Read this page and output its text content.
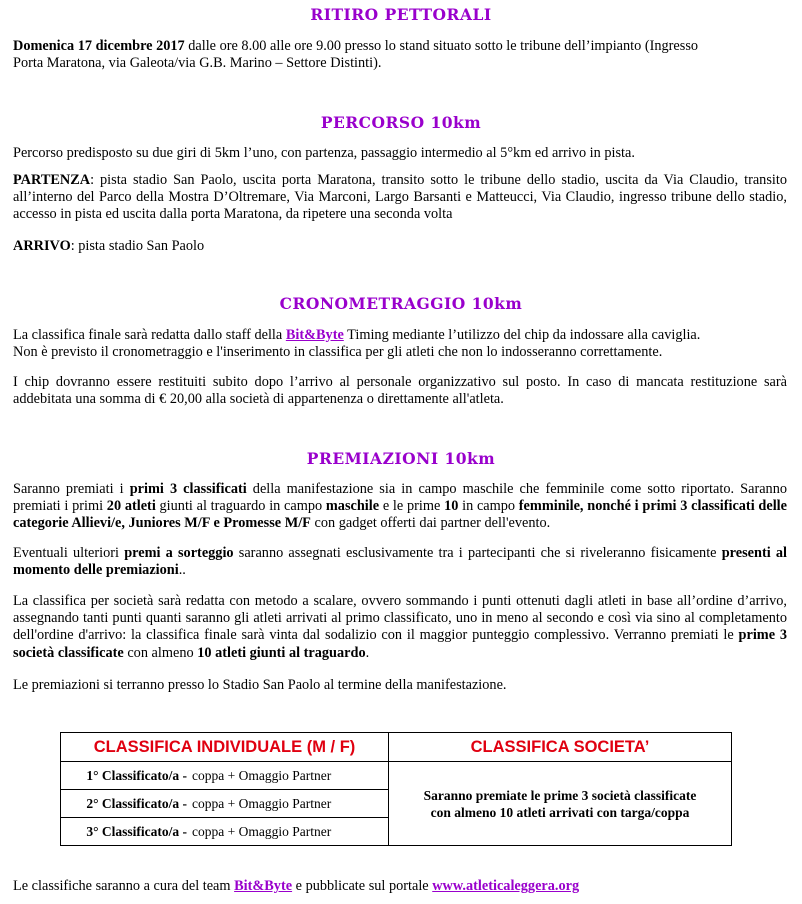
RITIRO PETTORALI
Domenica 17 dicembre 2017 dalle ore 8.00 alle ore 9.00 presso lo stand situato sotto le tribune dell’impianto (Ingresso
Porta Maratona, via Galeota/via G.B. Marino – Settore Distinti).
PERCORSO 10km
Percorso predisposto su due giri di 5km l’uno, con partenza, passaggio intermedio al 5°km ed arrivo in pista.
PARTENZA: pista stadio San Paolo, uscita porta Maratona, transito sotto le tribune dello stadio, uscita da Via Claudio, transito all’interno del Parco della Mostra D’Oltremare, Via Marconi, Largo Barsanti e Matteucci, Via Claudio, ingresso tribune dello stadio, accesso in pista ed uscita dalla porta Maratona, da ripetere una seconda volta
ARRIVO: pista stadio San Paolo
CRONOMETRAGGIO 10km
La classifica finale sarà redatta dallo staff della Bit&Byte Timing mediante l’utilizzo del chip da indossare alla caviglia.
Non è previsto il cronometraggio e l'inserimento in classifica per gli atleti che non lo indosseranno correttamente.
I chip dovranno essere restituiti subito dopo l’arrivo al personale organizzativo sul posto. In caso di mancata restituzione sarà addebitata una somma di € 20,00 alla società di appartenenza o direttamente all'atleta.
PREMIAZIONI 10km
Saranno premiati i primi 3 classificati della manifestazione sia in campo maschile che femminile come sotto riportato. Saranno premiati i primi 20 atleti giunti al traguardo in campo maschile e le prime 10 in campo femminile, nonché i primi 3 classificati delle categorie Allievi/e, Juniores M/F e Promesse M/F con gadget offerti dai partner dell'evento.
Eventuali ulteriori premi a sorteggio saranno assegnati esclusivamente tra i partecipanti che si riveleranno fisicamente presenti al momento delle premiazioni..
La classifica per società sarà redatta con metodo a scalare, ovvero sommando i punti ottenuti dagli atleti in base all’ordine d’arrivo, assegnando tanti punti quanti saranno gli atleti arrivati al primo classificato, uno in meno al secondo e così via sino al completamento dell'ordine d'arrivo: la classifica finale sarà vinta dal sodalizio con il maggior punteggio complessivo. Verranno premiati le prime 3 società classificate con almeno 10 atleti giunti al traguardo.
Le premiazioni si terranno presso lo Stadio San Paolo al termine della manifestazione.
CLASSIFICA INDIVIDUALE (M / F)	CLASSIFICA SOCIETA’
1° Classificato/a - coppa + Omaggio Partner	Saranno premiate le prime 3 società classificate
con almeno 10 atleti arrivati con targa/coppa

2° Classificato/a - coppa + Omaggio Partner	
3° Classificato/a - coppa + Omaggio Partner	
Le classifiche saranno a cura del team Bit&Byte e pubblicate sul portale www.atleticaleggera.org
